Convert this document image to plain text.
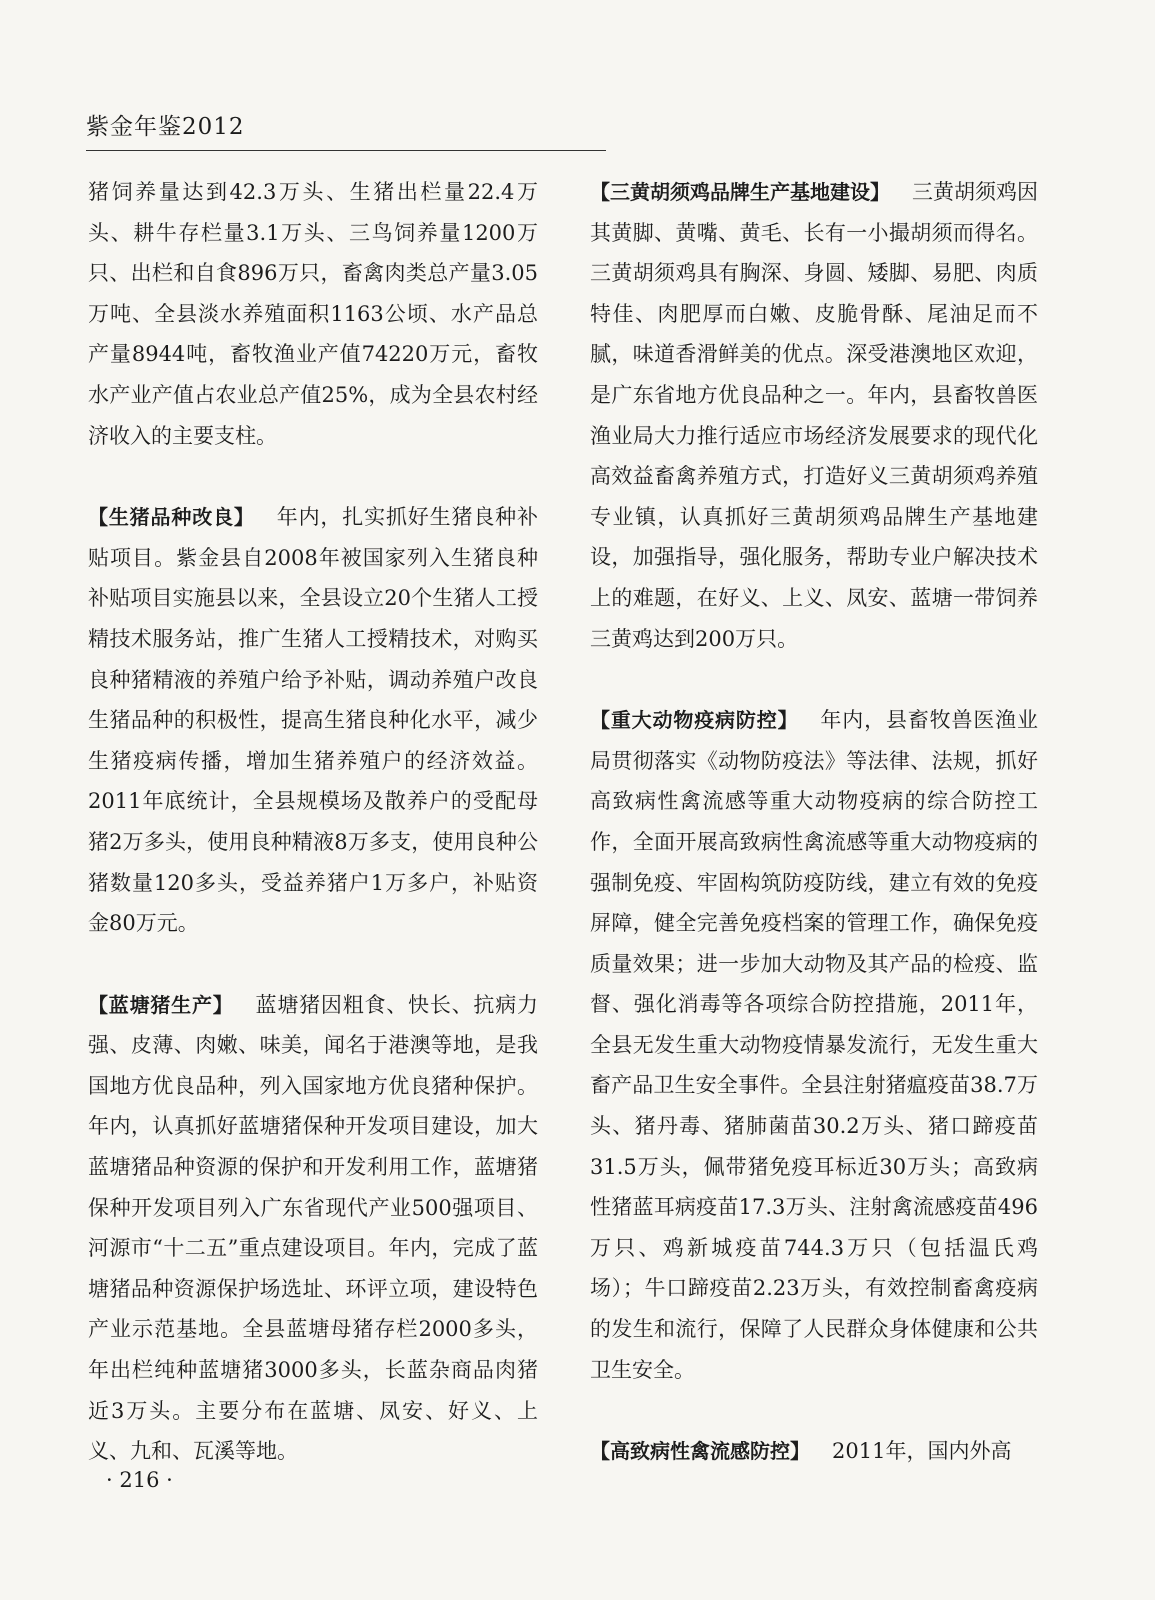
紫金年鉴2012

猪饲养量达到42.3万头、生猪出栏量22.4万头、耕牛存栏量3.1万头、三鸟饲养量1200万只、出栏和自食896万只，畜禽肉类总产量3.05万吨、全县淡水养殖面积1163公顷、水产品总产量8944吨，畜牧渔业产值74220万元，畜牧水产业产值占农业总产值25%，成为全县农村经济收入的主要支柱。

【生猪品种改良】 年内，扎实抓好生猪良种补贴项目。紫金县自2008年被国家列入生猪良种补贴项目实施县以来，全县设立20个生猪人工授精技术服务站，推广生猪人工授精技术，对购买良种猪精液的养殖户给予补贴，调动养殖户改良生猪品种的积极性，提高生猪良种化水平，减少生猪疫病传播，增加生猪养殖户的经济效益。2011年底统计，全县规模场及散养户的受配母猪2万多头，使用良种精液8万多支，使用良种公猪数量120多头，受益养猪户1万多户，补贴资金80万元。

【蓝塘猪生产】 蓝塘猪因粗食、快长、抗病力强、皮薄、肉嫩、味美，闻名于港澳等地，是我国地方优良品种，列入国家地方优良猪种保护。年内，认真抓好蓝塘猪保种开发项目建设，加大蓝塘猪品种资源的保护和开发利用工作，蓝塘猪保种开发项目列入广东省现代产业500强项目、河源市“十二五”重点建设项目。年内，完成了蓝塘猪品种资源保护场选址、环评立项，建设特色产业示范基地。全县蓝塘母猪存栏2000多头，年出栏纯种蓝塘猪3000多头，长蓝杂商品肉猪近3万头。主要分布在蓝塘、凤安、好义、上义、九和、瓦溪等地。

【三黄胡须鸡品牌生产基地建设】 三黄胡须鸡因其黄脚、黄嘴、黄毛、长有一小撮胡须而得名。三黄胡须鸡具有胸深、身圆、矮脚、易肥、肉质特佳、肉肥厚而白嫩、皮脆骨酥、尾油足而不腻，味道香滑鲜美的优点。深受港澳地区欢迎，是广东省地方优良品种之一。年内，县畜牧兽医渔业局大力推行适应市场经济发展要求的现代化高效益畜禽养殖方式，打造好义三黄胡须鸡养殖专业镇，认真抓好三黄胡须鸡品牌生产基地建设，加强指导，强化服务，帮助专业户解决技术上的难题，在好义、上义、凤安、蓝塘一带饲养三黄鸡达到200万只。

【重大动物疫病防控】 年内，县畜牧兽医渔业局贯彻落实《动物防疫法》等法律、法规，抓好高致病性禽流感等重大动物疫病的综合防控工作，全面开展高致病性禽流感等重大动物疫病的强制免疫、牢固构筑防疫防线，建立有效的免疫屏障，健全完善免疫档案的管理工作，确保免疫质量效果；进一步加大动物及其产品的检疫、监督、强化消毒等各项综合防控措施，2011年，全县无发生重大动物疫情暴发流行，无发生重大畜产品卫生安全事件。全县注射猪瘟疫苗38.7万头、猪丹毒、猪肺菌苗30.2万头、猪口蹄疫苗31.5万头，佩带猪免疫耳标近30万头；高致病性猪蓝耳病疫苗17.3万头、注射禽流感疫苗496万只、鸡新城疫苗744.3万只（包括温氏鸡场）；牛口蹄疫苗2.23万头，有效控制畜禽疫病的发生和流行，保障了人民群众身体健康和公共卫生安全。

【高致病性禽流感防控】 2011年，国内外高

· 216 ·
